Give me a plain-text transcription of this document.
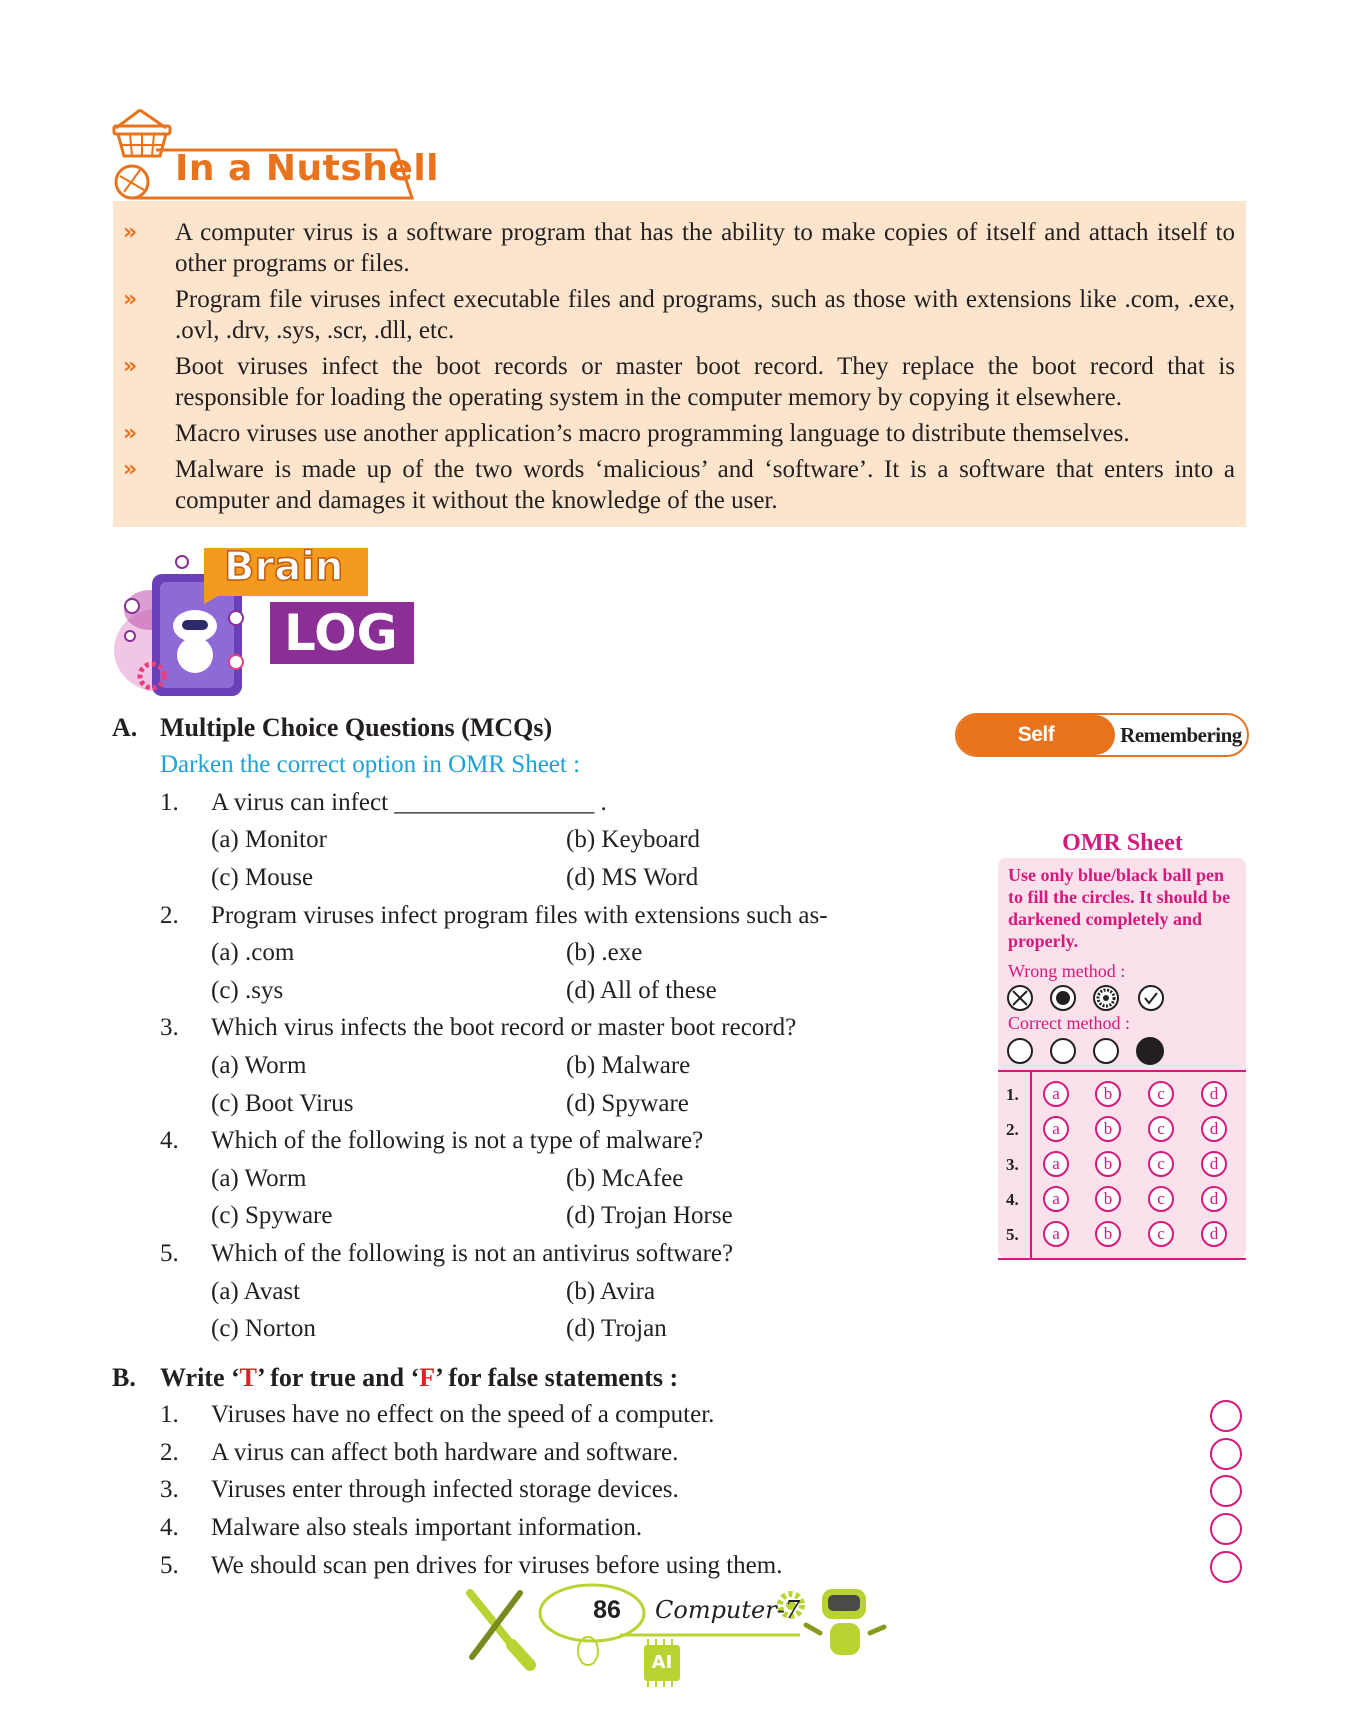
In a Nutshell
» A computer virus is a software program that has the ability to make copies of itself and attach itself to other programs or files.
» Program file viruses infect executable files and programs, such as those with extensions like .com, .exe, .ovl, .drv, .sys, .scr, .dll, etc.
» Boot viruses infect the boot records or master boot record. They replace the boot record that is responsible for loading the operating system in the computer memory by copying it elsewhere.
» Macro viruses use another application’s macro programming language to distribute themselves.
» Malware is made up of the two words ‘malicious’ and ‘software’. It is a software that enters into a computer and damages it without the knowledge of the user.
Brain
LOG
Self Assessment
Remembering
A. Multiple Choice Questions (MCQs)
Darken the correct option in OMR Sheet :
1. A virus can infect ________________ .
(a) Monitor	(b) Keyboard
(c) Mouse	(d) MS Word
2. Program viruses infect program files with extensions such as-
(a) .com	(b) .exe
(c) .sys	(d) All of these
3. Which virus infects the boot record or master boot record?
(a) Worm	(b) Malware
(c) Boot Virus	(d) Spyware
4. Which of the following is not a type of malware?
(a) Worm	(b) McAfee
(c) Spyware	(d) Trojan Horse
5. Which of the following is not an antivirus software?
(a) Avast	(b) Avira
(c) Norton	(d) Trojan
OMR Sheet
Use only blue/black ball pen to fill the circles. It should be darkened completely and properly.
Wrong method :
Correct method :
1.	a	b	c	d
2.	a	b	c	d
3.	a	b	c	d
4.	a	b	c	d
5.	a	b	c	d
B. Write ‘T’ for true and ‘F’ for false statements :
1. Viruses have no effect on the speed of a computer.
2. A virus can affect both hardware and software.
3. Viruses enter through infected storage devices.
4. Malware also steals important information.
5. We should scan pen drives for viruses before using them.
86	Computer-7
AI
